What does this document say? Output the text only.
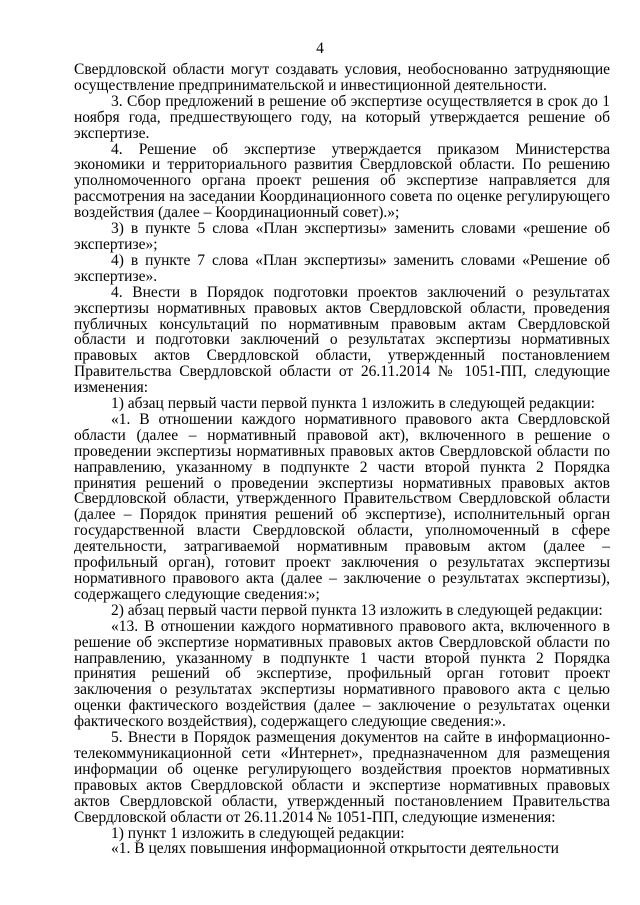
4

Свердловской области могут создавать условия, необоснованно затрудняющие осуществление предпринимательской и инвестиционной деятельности.

3. Сбор предложений в решение об экспертизе осуществляется в срок до 1 ноября года, предшествующего году, на который утверждается решение об экспертизе.

4. Решение об экспертизе утверждается приказом Министерства экономики и территориального развития Свердловской области. По решению уполномоченного органа проект решения об экспертизе направляется для рассмотрения на заседании Координационного совета по оценке регулирующего воздействия (далее – Координационный совет).»;

3) в пункте 5 слова «План экспертизы» заменить словами «решение об экспертизе»;

4) в пункте 7 слова «План экспертизы» заменить словами «Решение об экспертизе».

4. Внести в Порядок подготовки проектов заключений о результатах экспертизы нормативных правовых актов Свердловской области, проведения публичных консультаций по нормативным правовым актам Свердловской области и подготовки заключений о результатах экспертизы нормативных правовых актов Свердловской области, утвержденный постановлением Правительства Свердловской области от 26.11.2014 № 1051-ПП, следующие изменения:

1) абзац первый части первой пункта 1 изложить в следующей редакции:

«1. В отношении каждого нормативного правового акта Свердловской области (далее – нормативный правовой акт), включенного в решение о проведении экспертизы нормативных правовых актов Свердловской области по направлению, указанному в подпункте 2 части второй пункта 2 Порядка принятия решений о проведении экспертизы нормативных правовых актов Свердловской области, утвержденного Правительством Свердловской области (далее – Порядок принятия решений об экспертизе), исполнительный орган государственной власти Свердловской области, уполномоченный в сфере деятельности, затрагиваемой нормативным правовым актом (далее – профильный орган), готовит проект заключения о результатах экспертизы нормативного правового акта (далее – заключение о результатах экспертизы), содержащего следующие сведения:»;

2) абзац первый части первой пункта 13 изложить в следующей редакции:

«13. В отношении каждого нормативного правового акта, включенного в решение об экспертизе нормативных правовых актов Свердловской области по направлению, указанному в подпункте 1 части второй пункта 2 Порядка принятия решений об экспертизе, профильный орган готовит проект заключения о результатах экспертизы нормативного правового акта с целью оценки фактического воздействия (далее – заключение о результатах оценки фактического воздействия), содержащего следующие сведения:».

5. Внести в Порядок размещения документов на сайте в информационно-телекоммуникационной сети «Интернет», предназначенном для размещения информации об оценке регулирующего воздействия проектов нормативных правовых актов Свердловской области и экспертизе нормативных правовых актов Свердловской области, утвержденный постановлением Правительства Свердловской области от 26.11.2014 № 1051-ПП, следующие изменения:

1) пункт 1 изложить в следующей редакции:

«1. В целях повышения информационной открытости деятельности
